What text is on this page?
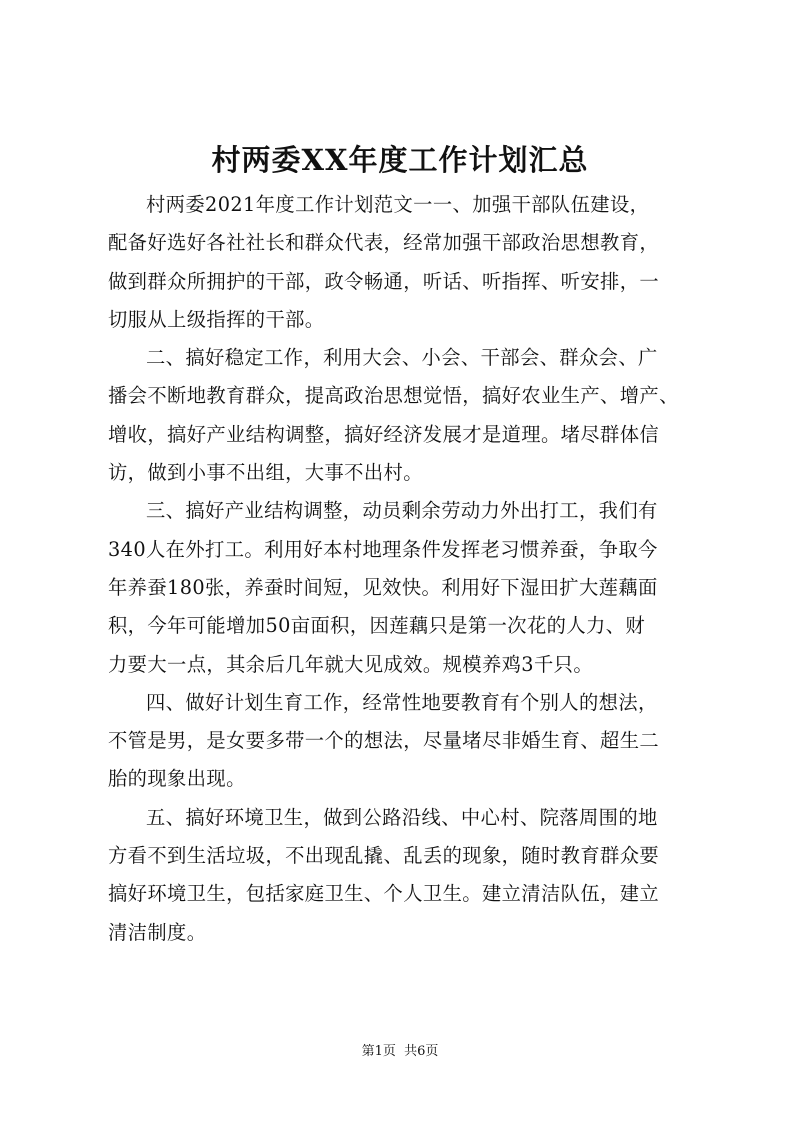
村两委XX年度工作计划汇总
村两委2021年度工作计划范文一一、加强干部队伍建设，
配备好选好各社社长和群众代表，经常加强干部政治思想教育，
做到群众所拥护的干部，政令畅通，听话、听指挥、听安排，一
切服从上级指挥的干部。
二、搞好稳定工作，利用大会、小会、干部会、群众会、广
播会不断地教育群众，提高政治思想觉悟，搞好农业生产、增产、
增收，搞好产业结构调整，搞好经济发展才是道理。堵尽群体信
访，做到小事不出组，大事不出村。
三、搞好产业结构调整，动员剩余劳动力外出打工，我们有
340人在外打工。利用好本村地理条件发挥老习惯养蚕，争取今
年养蚕180张，养蚕时间短，见效快。利用好下湿田扩大莲藕面
积，今年可能增加50亩面积，因莲藕只是第一次花的人力、财
力要大一点，其余后几年就大见成效。规模养鸡3千只。
四、做好计划生育工作，经常性地要教育有个别人的想法，
不管是男，是女要多带一个的想法，尽量堵尽非婚生育、超生二
胎的现象出现。
五、搞好环境卫生，做到公路沿线、中心村、院落周围的地
方看不到生活垃圾，不出现乱撬、乱丢的现象，随时教育群众要
搞好环境卫生，包括家庭卫生、个人卫生。建立清洁队伍，建立
清洁制度。
第1页  共6页
